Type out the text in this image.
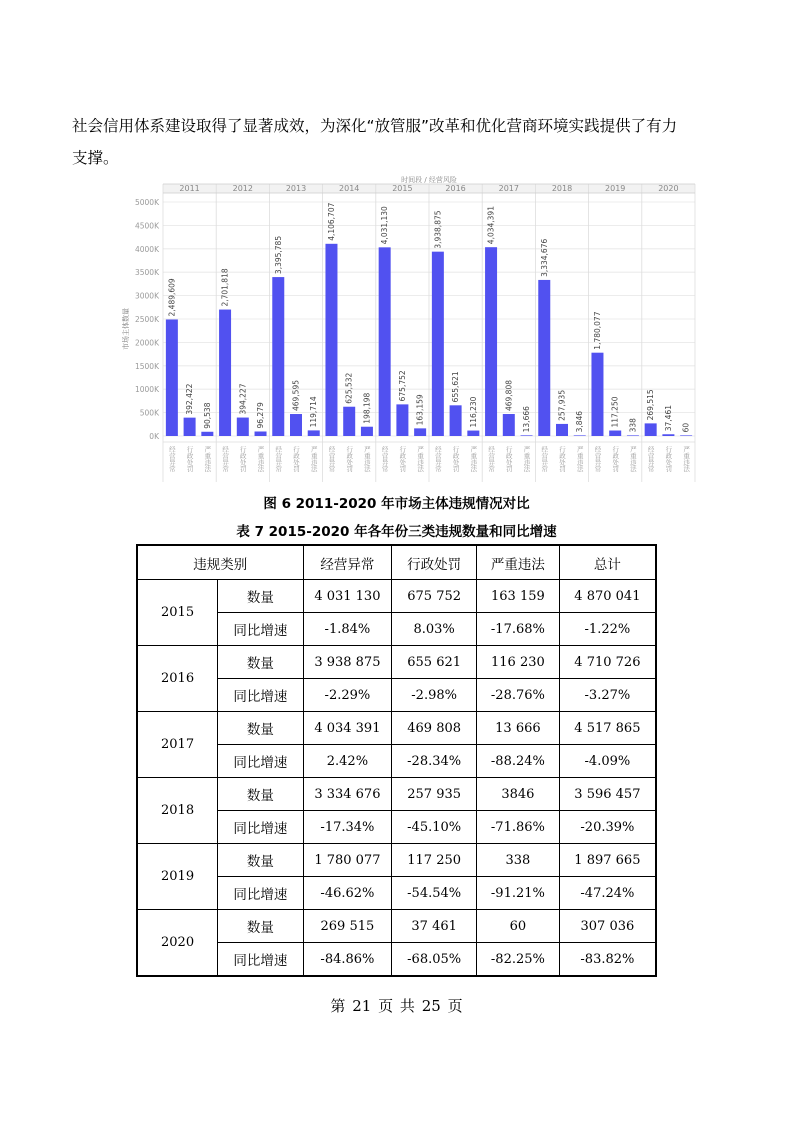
社会信用体系建设取得了显著成效，为深化“放管服”改革和优化营商环境实践提供了有力
支撑。
时间段 / 经营风险
0K
500K
1000K
1500K
2000K
2500K
3000K
3500K
4000K
4500K
5000K
市场主体数量
2011	2012	2013	2014	2015	2016	2017	2018	2019	2020
2,489,609
经营异常
392,422
行政处罚
90,538
严重违法
2,701,818
经营异常
394,227
行政处罚
96,279
严重违法
3,395,785
经营异常
469,595
行政处罚
119,714
严重违法
4,106,707
经营异常
625,532
行政处罚
198,198
严重违法
4,031,130
经营异常
675,752
行政处罚
163,159
严重违法
3,938,875
经营异常
655,621
行政处罚
116,230
严重违法
4,034,391
经营异常
469,808
行政处罚
13,666
严重违法
3,334,676
经营异常
257,935
行政处罚
3,846
严重违法
1,780,077
经营异常
117,250
行政处罚
338
严重违法
269,515
经营异常
37,461
行政处罚
60
严重违法
图 6 2011-2020 年市场主体违规情况对比
表 7 2015-2020 年各年份三类违规数量和同比增速
违规类别		经营异常	行政处罚	严重违法	总计
2015	数量	4 031 130	675 752	163 159	4 870 041
	同比增速	-1.84%	8.03%	-17.68%	-1.22%
2016	数量	3 938 875	655 621	116 230	4 710 726
	同比增速	-2.29%	-2.98%	-28.76%	-3.27%
2017	数量	4 034 391	469 808	13 666	4 517 865
	同比增速	2.42%	-28.34%	-88.24%	-4.09%
2018	数量	3 334 676	257 935	3846	3 596 457
	同比增速	-17.34%	-45.10%	-71.86%	-20.39%
2019	数量	1 780 077	117 250	338	1 897 665
	同比增速	-46.62%	-54.54%	-91.21%	-47.24%
2020	数量	269 515	37 461	60	307 036
	同比增速	-84.86%	-68.05%	-82.25%	-83.82%
第 21 页 共 25 页
